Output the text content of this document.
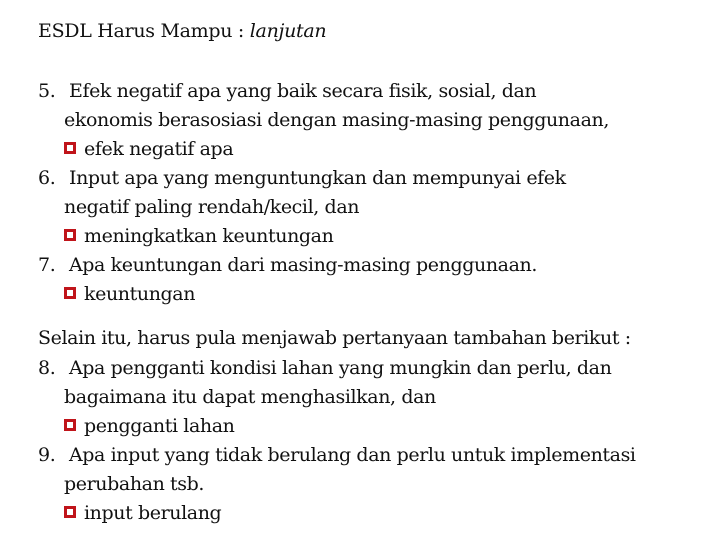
ESDL Harus Mampu : lanjutan
5. Efek negatif apa yang baik secara fisik, sosial, dan
ekonomis berasosiasi dengan masing-masing penggunaan,
efek negatif apa
6. Input apa yang menguntungkan dan mempunyai efek
negatif paling rendah/kecil, dan
meningkatkan keuntungan
7. Apa keuntungan dari masing-masing penggunaan.
keuntungan
Selain itu, harus pula menjawab pertanyaan tambahan berikut :
8. Apa pengganti kondisi lahan yang mungkin dan perlu, dan
bagaimana itu dapat menghasilkan, dan
pengganti lahan
9. Apa input yang tidak berulang dan perlu untuk implementasi
perubahan tsb.
input berulang
